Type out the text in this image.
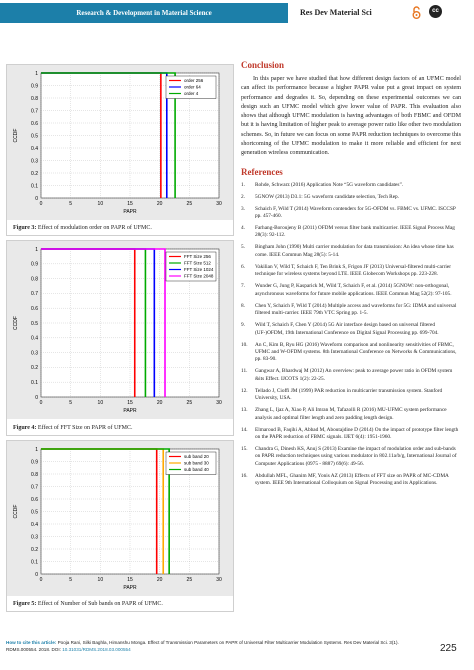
Research & Development in Material Science	Res Dev Material Sci	cc
0	5	10	15	20	25	30
0
0.1
0.2
0.3
0.4
0.5
0.6
0.7
0.8
0.9
1
PAPR
CCDF
order 256
order 64
order 4
Figure 3: Effect of modulation order on PAPR of UFMC.
0	5	10	15	20	25	30
0
0.1
0.2
0.3
0.4
0.5
0.6
0.7
0.8
0.9
1
PAPR
CCDF
FFT Size 256
FFT Size 512
FFT Size 1024
FFT Size 2048
Figure 4: Effect of FFT Size on PAPR of UFMC.
0	5	10	15	20	25	30
0
0.1
0.2
0.3
0.4
0.5
0.6
0.7
0.8
0.9
1
PAPR
CCDF
sub band 20
sub band 30
sub band 40
Figure 5: Effect of Number of Sub bands on PAPR of UFMC.
Conclusion

In this paper we have studied that how different design factors of an UFMC model can affect its performance because a higher PAPR value put a great impact on system performance and degrades it. So, depending on these experimental outcomes we can design such an UFMC model which give lower value of PAPR. This evaluation also shows that although UFMC modulation is having advantages of both FBMC and OFDM but it is having limitation of higher peak to average power ratio like other two modulation schemes. So, in future we can focus on some PAPR reduction techniques to overcome this shortcoming of the UFMC modulation to make it more reliable and efficient for next generation wireless communication.

References
1. Rohde, Schwarz (2016) Application Note “5G waveform candidates”.
2. 5GNOW (2013) D3.1: 5G waveform candidate selection, Tech Rep.
3. Schaich F, Wild T (2014) Waveform contenders for 5G-OFDM vs. FBMC vs. UFMC. ISCCSP pp. 457-460.
4. Farhang-Boroujeny B (2011) OFDM versus filter bank multicarrier. IEEE Signal Process Mag 28(3): 92-112.
5. Bingham John (1990) Multi carrier modulation for data transmission: An idea whose time has come. IEEE Commun Mag 28(5): 5-14.
6. Vakilian V, Wild T, Schaich F, Ten Brink S, Frigon JF (2013) Universal-filtered multi-carrier technique for wireless systems beyond LTE. IEEE Globecom Workshops pp. 223-228.
7. Wunder G, Jung P, Kasparick M, Wild T, Schaich F, et al. (2014) 5GNOW: non-orthogonal, asynchronous waveforms for future mobile applications. IEEE Commun Mag 52(2): 97-105.
8. Chen Y, Schaich F, Wild T (2014) Multiple access and waveforms for 5G: IDMA and universal filtered multi-carrier. IEEE 79th VTC Spring pp. 1-5.
9. Wild T, Schaich F, Chen Y (2014) 5G Air interface design based on universal filtered (UF-)OFDM, 19th International Conference on Digital Signal Processing pp. 699-704.
10. An C, Kim B, Ryu HG (2016) Waveform comparison and nonlinearity sensitivities of FBMC, UFMC and W-OFDM systems. 8th International Conference on Networks & Communications, pp. 83-90.
11. Gangwar A, Bhardwaj M (2012) An overview: peak to average power ratio in OFDM system &its Effect. IJCOTS 1(2): 22-25.
12. Tellado J, Cioffi JM (1999) PAR reduction in multicarrier transmission system. Stanford University, USA.
13. Zhang L, Ijaz A, Xiao P, Ali Imran M, Tafazolli R (2016) MU-UFMC system performance analysis and optimal filter length and zero padding length design.
14. Elmaroud B, Faqihi A, Abbad M, Aboutajdine D (2014) On the impact of prototype filter length on the PAPR reduction of FBMC signals. IJET 6(4): 1951-1960.
15. Chandra G, Dinesh KS, Anuj S (2013) Examine the impact of modulation order and sub-bands on PAPR reduction techniques using various modulator in 802.11a/b/g, International Journal of Computer Applications (0975 - 8887) 69(6): 49-56.
16. Abdullah MFL, Ghanim MF, Yonis AZ (2013) Effects of FFT size on PAPR of MC-CDMA system. IEEE 9th International Colloquium on Signal Processing and its Applications.
How to cite this article: Pooja Rani, Silki Baghla, Himanshu Monga. Effect of Transmission Parameters on PAPR of Universal Filter Multicarrier Modulation Systems. Res Dev Material Sci. 3(1). RDMS.000554. 2018. DOI: 10.31031/RDMS.2018.03.000554	225
